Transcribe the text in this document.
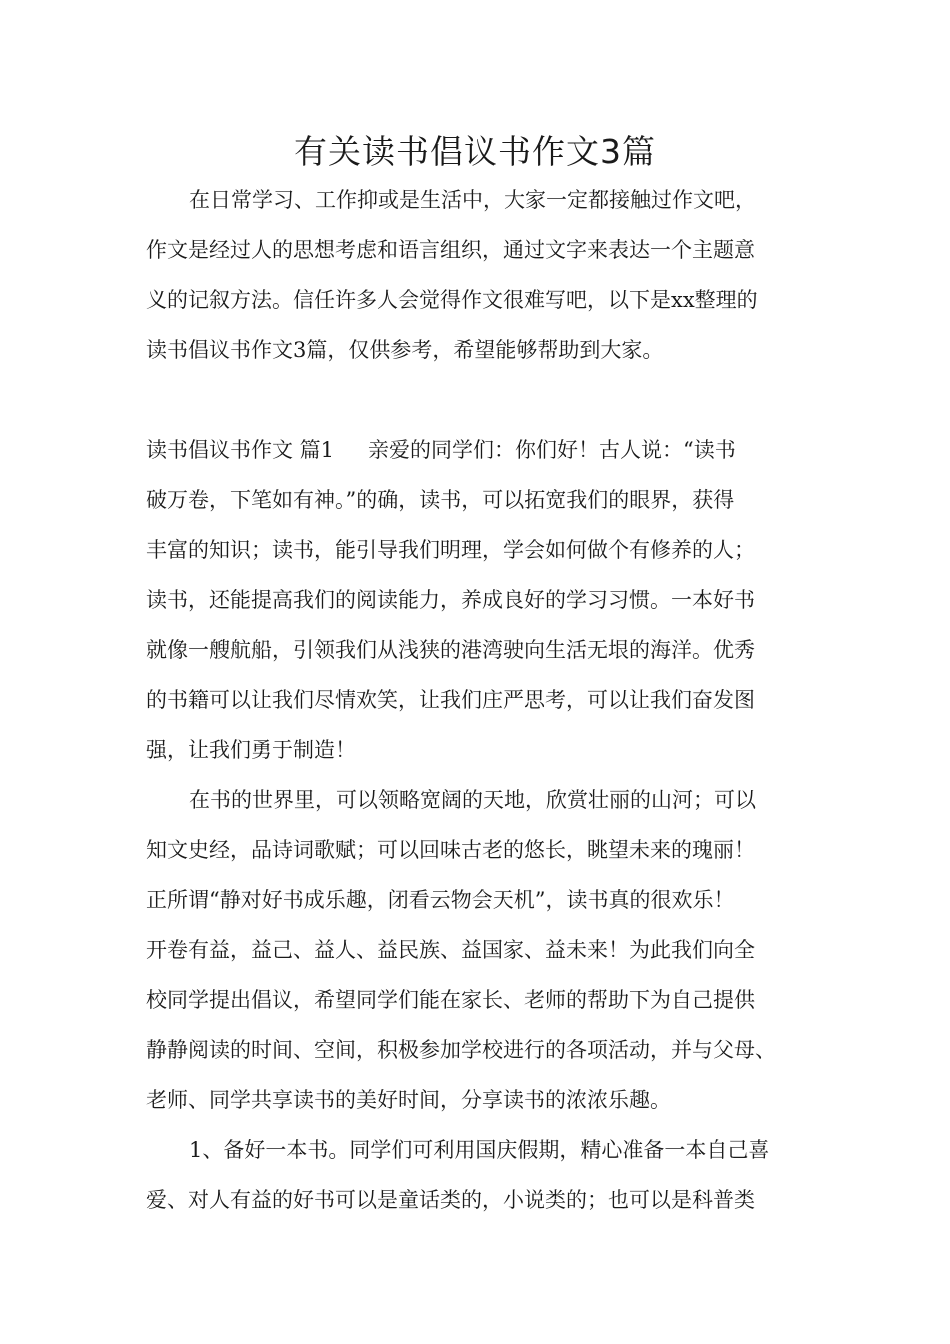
有关读书倡议书作文3篇

在日常学习、工作抑或是生活中，大家一定都接触过作文吧，

作文是经过人的思想考虑和语言组织，通过文字来表达一个主题意

义的记叙方法。信任许多人会觉得作文很难写吧，以下是xx整理的

读书倡议书作文3篇，仅供参考，希望能够帮助到大家。

读书倡议书作文 篇1 亲爱的同学们：你们好！古人说：“读书

破万卷，下笔如有神。”的确，读书，可以拓宽我们的眼界，获得

丰富的知识；读书，能引导我们明理，学会如何做个有修养的人；

读书，还能提高我们的阅读能力，养成良好的学习习惯。一本好书

就像一艘航船，引领我们从浅狭的港湾驶向生活无垠的海洋。优秀

的书籍可以让我们尽情欢笑，让我们庄严思考，可以让我们奋发图

强，让我们勇于制造！

在书的世界里，可以领略宽阔的天地，欣赏壮丽的山河；可以

知文史经，品诗词歌赋；可以回味古老的悠长，眺望未来的瑰丽！

正所谓“静对好书成乐趣，闭看云物会天机”，读书真的很欢乐！

开卷有益，益己、益人、益民族、益国家、益未来！为此我们向全

校同学提出倡议，希望同学们能在家长、老师的帮助下为自己提供

静静阅读的时间、空间，积极参加学校进行的各项活动，并与父母、

老师、同学共享读书的美好时间，分享读书的浓浓乐趣。

1、备好一本书。同学们可利用国庆假期，精心准备一本自己喜

爱、对人有益的好书可以是童话类的，小说类的；也可以是科普类
